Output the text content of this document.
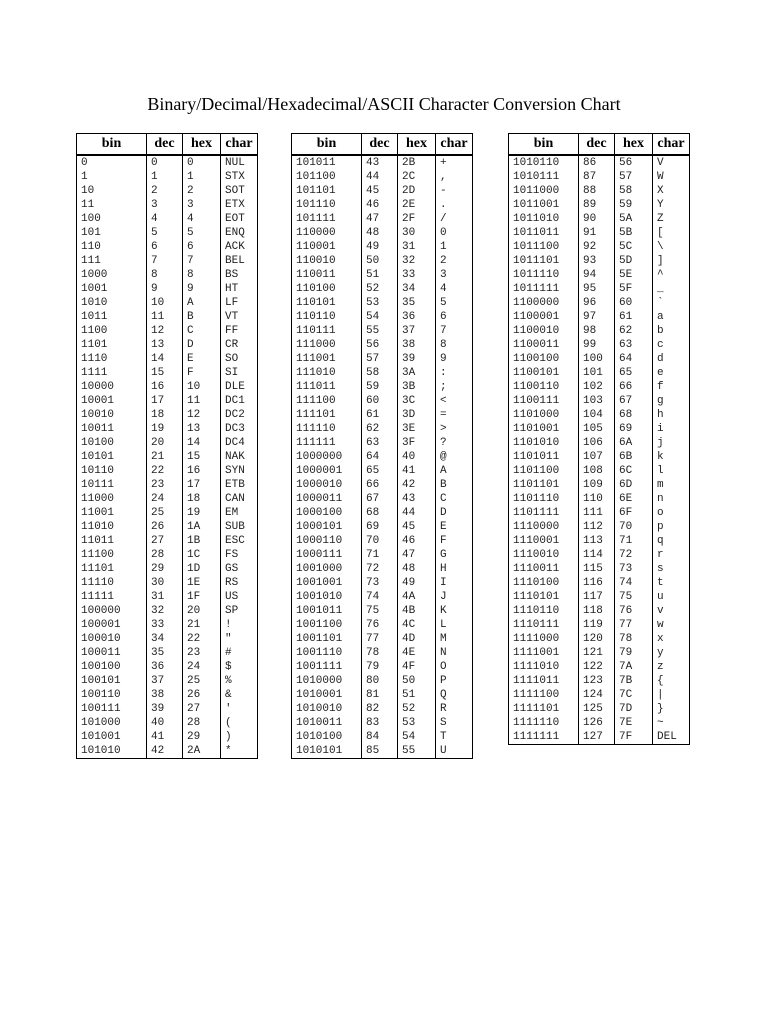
Binary/Decimal/Hexadecimal/ASCII Character Conversion Chart
bin	dec	hex	char
0	0	0	NUL
1	1	1	STX
10	2	2	SOT
11	3	3	ETX
100	4	4	EOT
101	5	5	ENQ
110	6	6	ACK
111	7	7	BEL
1000	8	8	BS
1001	9	9	HT
1010	10	A	LF
1011	11	B	VT
1100	12	C	FF
1101	13	D	CR
1110	14	E	SO
1111	15	F	SI
10000	16	10	DLE
10001	17	11	DC1
10010	18	12	DC2
10011	19	13	DC3
10100	20	14	DC4
10101	21	15	NAK
10110	22	16	SYN
10111	23	17	ETB
11000	24	18	CAN
11001	25	19	EM
11010	26	1A	SUB
11011	27	1B	ESC
11100	28	1C	FS
11101	29	1D	GS
11110	30	1E	RS
11111	31	1F	US
100000	32	20	SP
100001	33	21	!
100010	34	22	"
100011	35	23	#
100100	36	24	$
100101	37	25	%
100110	38	26	&
100111	39	27	'
101000	40	28	(
101001	41	29	)
101010	42	2A	*
bin	dec	hex	char
101011	43	2B	+
101100	44	2C	,
101101	45	2D	-
101110	46	2E	.
101111	47	2F	/
110000	48	30	0
110001	49	31	1
110010	50	32	2
110011	51	33	3
110100	52	34	4
110101	53	35	5
110110	54	36	6
110111	55	37	7
111000	56	38	8
111001	57	39	9
111010	58	3A	:
111011	59	3B	;
111100	60	3C	<
111101	61	3D	=
111110	62	3E	>
111111	63	3F	?
1000000	64	40	@
1000001	65	41	A
1000010	66	42	B
1000011	67	43	C
1000100	68	44	D
1000101	69	45	E
1000110	70	46	F
1000111	71	47	G
1001000	72	48	H
1001001	73	49	I
1001010	74	4A	J
1001011	75	4B	K
1001100	76	4C	L
1001101	77	4D	M
1001110	78	4E	N
1001111	79	4F	O
1010000	80	50	P
1010001	81	51	Q
1010010	82	52	R
1010011	83	53	S
1010100	84	54	T
1010101	85	55	U
bin	dec	hex	char
1010110	86	56	V
1010111	87	57	W
1011000	88	58	X
1011001	89	59	Y
1011010	90	5A	Z
1011011	91	5B	[
1011100	92	5C	\
1011101	93	5D	]
1011110	94	5E	^
1011111	95	5F	_
1100000	96	60	`
1100001	97	61	a
1100010	98	62	b
1100011	99	63	c
1100100	100	64	d
1100101	101	65	e
1100110	102	66	f
1100111	103	67	g
1101000	104	68	h
1101001	105	69	i
1101010	106	6A	j
1101011	107	6B	k
1101100	108	6C	l
1101101	109	6D	m
1101110	110	6E	n
1101111	111	6F	o
1110000	112	70	p
1110001	113	71	q
1110010	114	72	r
1110011	115	73	s
1110100	116	74	t
1110101	117	75	u
1110110	118	76	v
1110111	119	77	w
1111000	120	78	x
1111001	121	79	y
1111010	122	7A	z
1111011	123	7B	{
1111100	124	7C	|
1111101	125	7D	}
1111110	126	7E	~
1111111	127	7F	DEL
